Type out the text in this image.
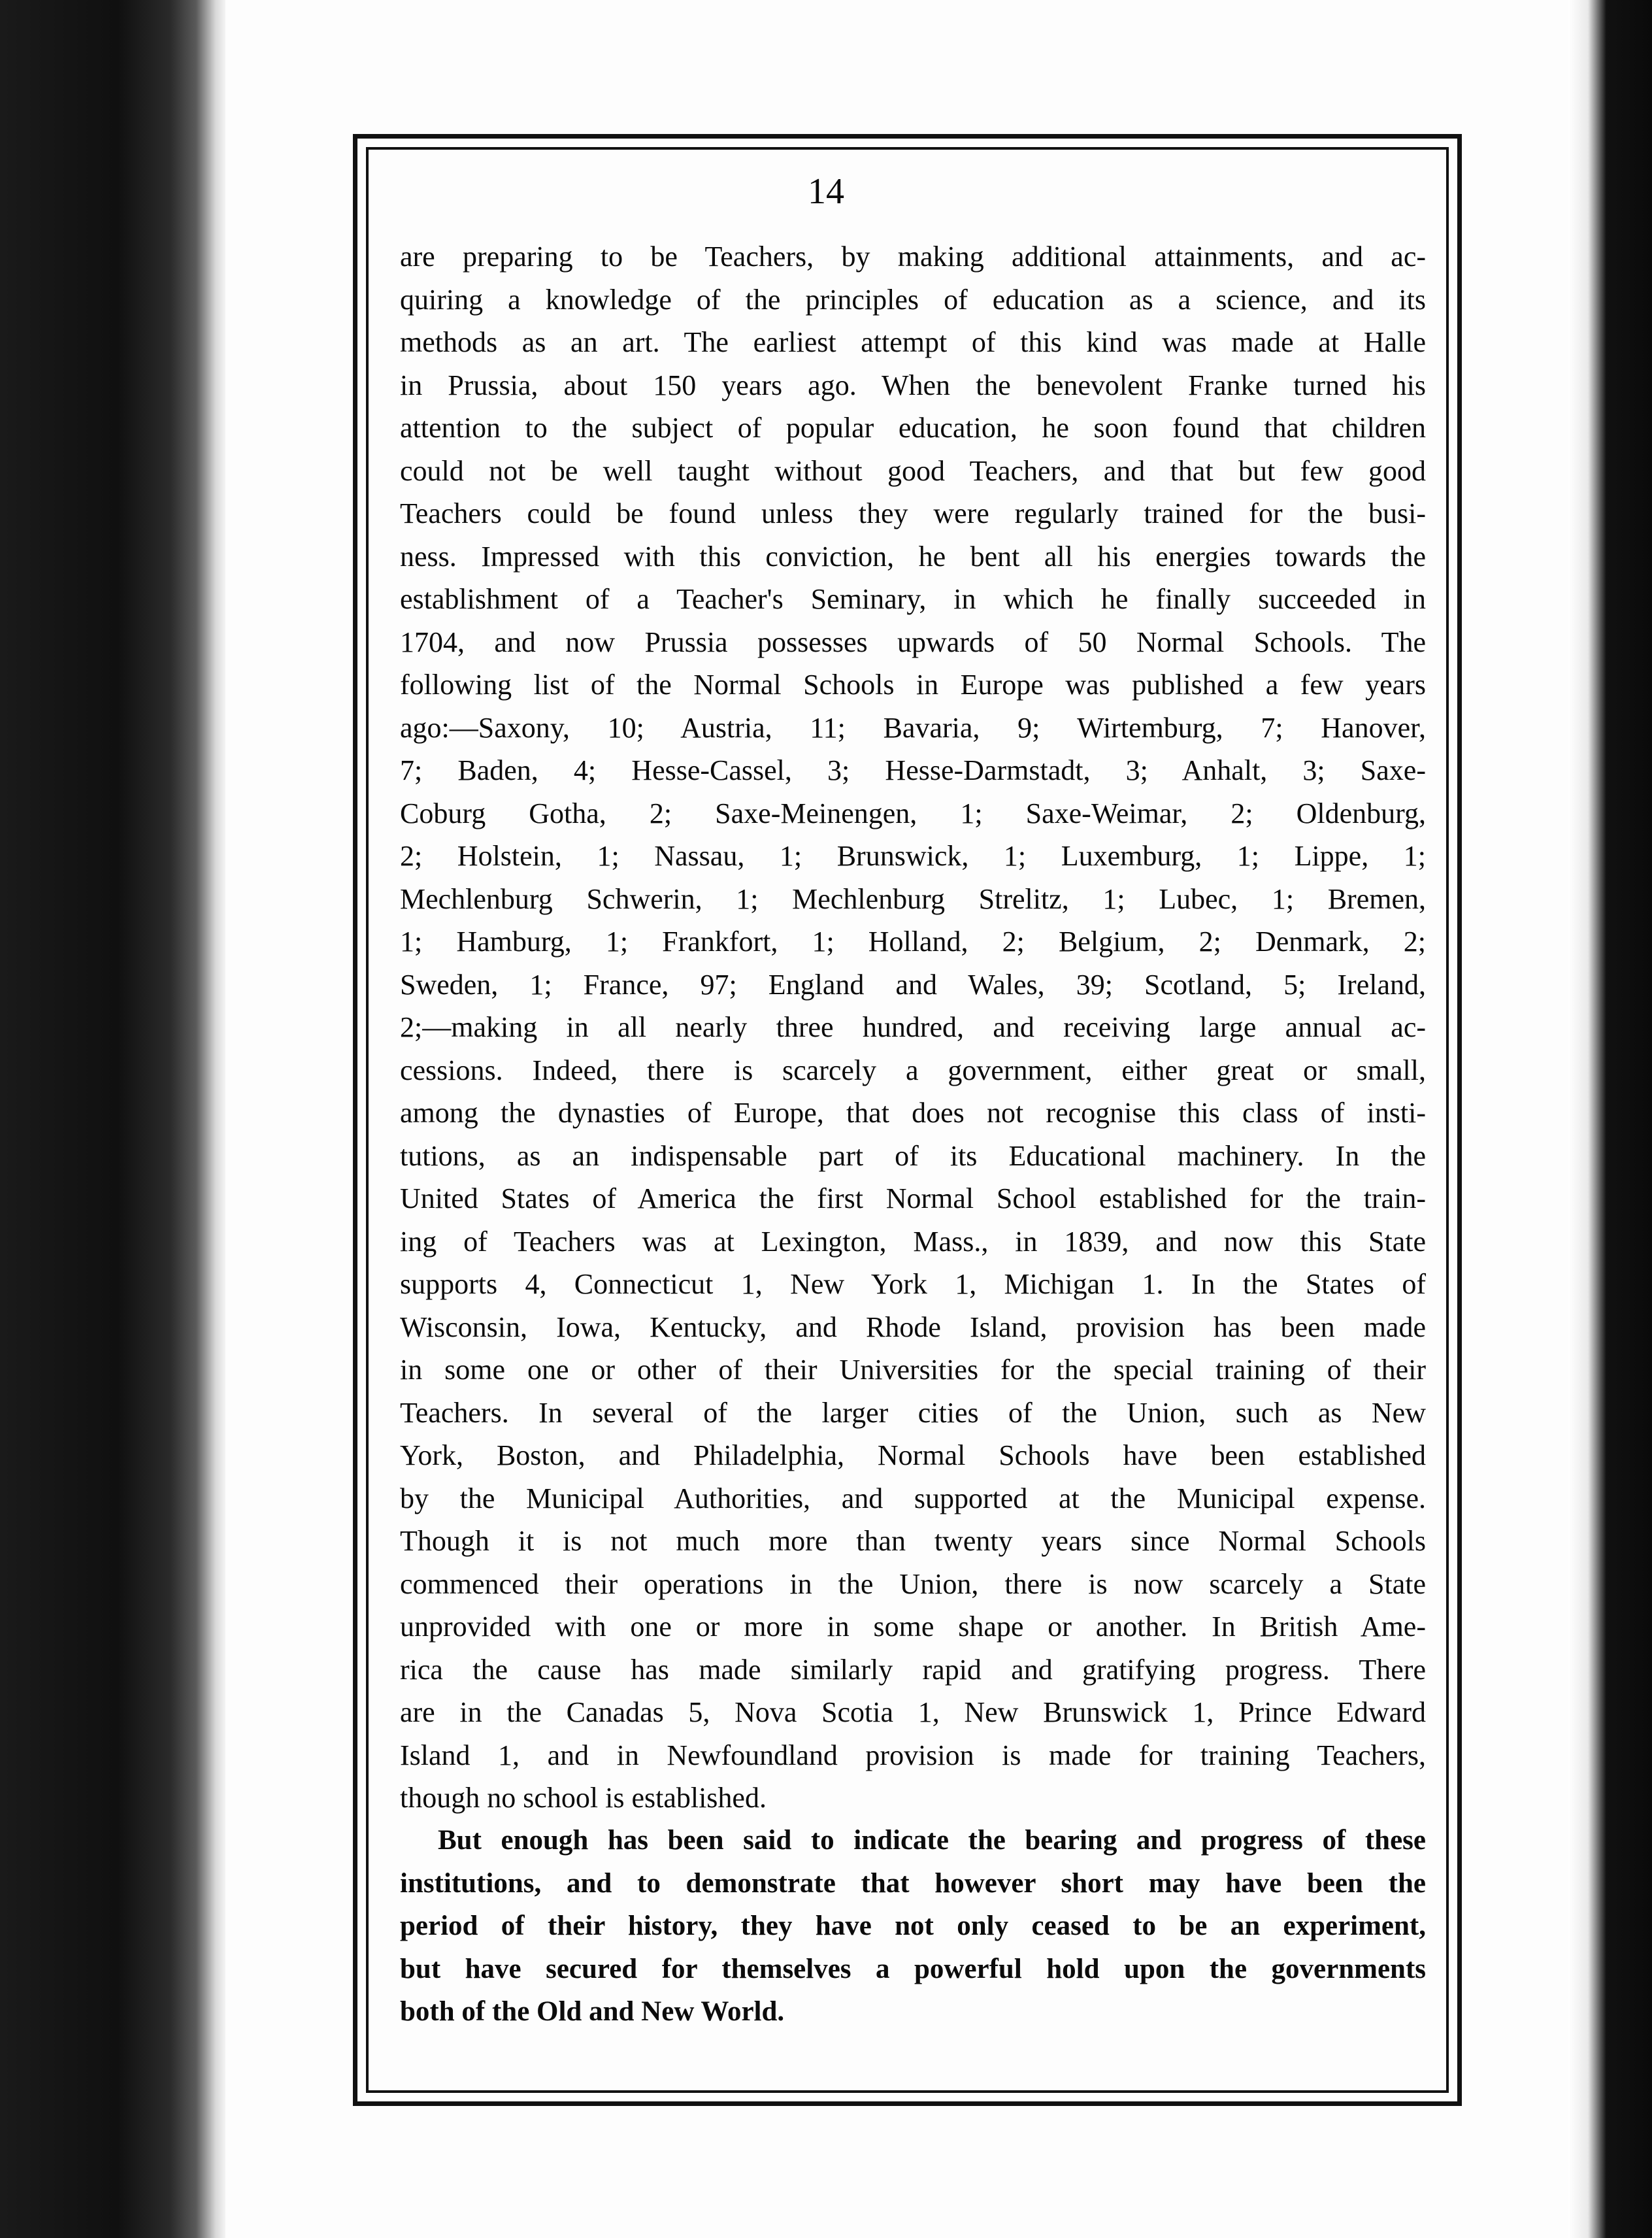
14
are preparing to be Teachers, by making additional attainments, and ac-
quiring a knowledge of the principles of education as a science, and its
methods as an art. The earliest attempt of this kind was made at Halle
in Prussia, about 150 years ago. When the benevolent Franke turned his
attention to the subject of popular education, he soon found that children
could not be well taught without good Teachers, and that but few good
Teachers could be found unless they were regularly trained for the busi-
ness. Impressed with this conviction, he bent all his energies towards the
establishment of a Teacher's Seminary, in which he finally succeeded in
1704, and now Prussia possesses upwards of 50 Normal Schools. The
following list of the Normal Schools in Europe was published a few years
ago:—Saxony, 10; Austria, 11; Bavaria, 9; Wirtemburg, 7; Hanover,
7; Baden, 4; Hesse-Cassel, 3; Hesse-Darmstadt, 3; Anhalt, 3; Saxe-
Coburg Gotha, 2; Saxe-Meinengen, 1; Saxe-Weimar, 2; Oldenburg,
2; Holstein, 1; Nassau, 1; Brunswick, 1; Luxemburg, 1; Lippe, 1;
Mechlenburg Schwerin, 1; Mechlenburg Strelitz, 1; Lubec, 1; Bremen,
1; Hamburg, 1; Frankfort, 1; Holland, 2; Belgium, 2; Denmark, 2;
Sweden, 1; France, 97; England and Wales, 39; Scotland, 5; Ireland,
2;—making in all nearly three hundred, and receiving large annual ac-
cessions. Indeed, there is scarcely a government, either great or small,
among the dynasties of Europe, that does not recognise this class of insti-
tutions, as an indispensable part of its Educational machinery. In the
United States of America the first Normal School established for the train-
ing of Teachers was at Lexington, Mass., in 1839, and now this State
supports 4, Connecticut 1, New York 1, Michigan 1. In the States of
Wisconsin, Iowa, Kentucky, and Rhode Island, provision has been made
in some one or other of their Universities for the special training of their
Teachers. In several of the larger cities of the Union, such as New
York, Boston, and Philadelphia, Normal Schools have been established
by the Municipal Authorities, and supported at the Municipal expense.
Though it is not much more than twenty years since Normal Schools
commenced their operations in the Union, there is now scarcely a State
unprovided with one or more in some shape or another. In British Ame-
rica the cause has made similarly rapid and gratifying progress. There
are in the Canadas 5, Nova Scotia 1, New Brunswick 1, Prince Edward
Island 1, and in Newfoundland provision is made for training Teachers,
though no school is established.
But enough has been said to indicate the bearing and progress of these
institutions, and to demonstrate that however short may have been the
period of their history, they have not only ceased to be an experiment,
but have secured for themselves a powerful hold upon the governments
both of the Old and New World.
